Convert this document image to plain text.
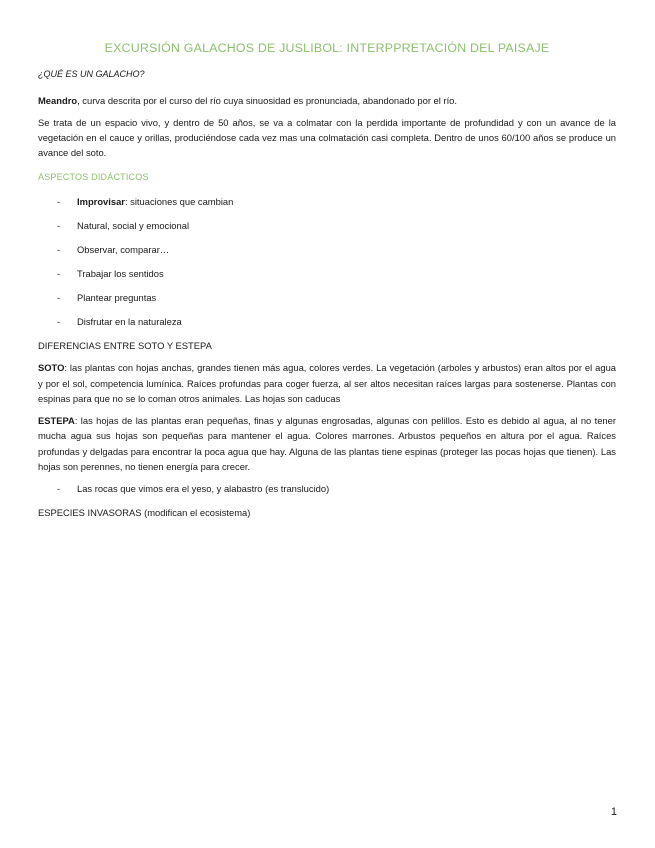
EXCURSIÓN GALACHOS DE JUSLIBOL: INTERPPRETACIÓN DEL PAISAJE
¿QUÉ ES UN GALACHO?

Meandro, curva descrita por el curso del río cuya sinuosidad es pronunciada, abandonado por el río.

Se trata de un espacio vivo, y dentro de 50 años, se va a colmatar con la perdida importante de profundidad y con un avance de la vegetación en el cauce y orillas, produciéndose cada vez mas una colmatación casi completa. Dentro de unos 60/100 años se produce un avance del soto.

ASPECTOS DIDÁCTICOS
- Improvisar: situaciones que cambian
- Natural, social y emocional
- Observar, comparar…
- Trabajar los sentidos
- Plantear preguntas
- Disfrutar en la naturaleza

DIFERENCIAS ENTRE SOTO Y ESTEPA

SOTO: las plantas con hojas anchas, grandes tienen más agua, colores verdes. La vegetación (arboles y arbustos) eran altos por el agua y por el sol, competencia lumínica. Raíces profundas para coger fuerza, al ser altos necesitan raíces largas para sostenerse. Plantas con espinas para que no se lo coman otros animales. Las hojas son caducas

ESTEPA: las hojas de las plantas eran pequeñas, finas y algunas engrosadas, algunas con pelillos. Esto es debido al agua, al no tener mucha agua sus hojas son pequeñas para mantener el agua. Colores marrones. Arbustos pequeños en altura por el agua. Raíces profundas y delgadas para encontrar la poca agua que hay. Alguna de las plantas tiene espinas (proteger las pocas hojas que tienen). Las hojas son perennes, no tienen energía para crecer.

- Las rocas que vimos era el yeso, y alabastro (es translucido)

ESPECIES INVASORAS (modifican el ecosistema)

1
